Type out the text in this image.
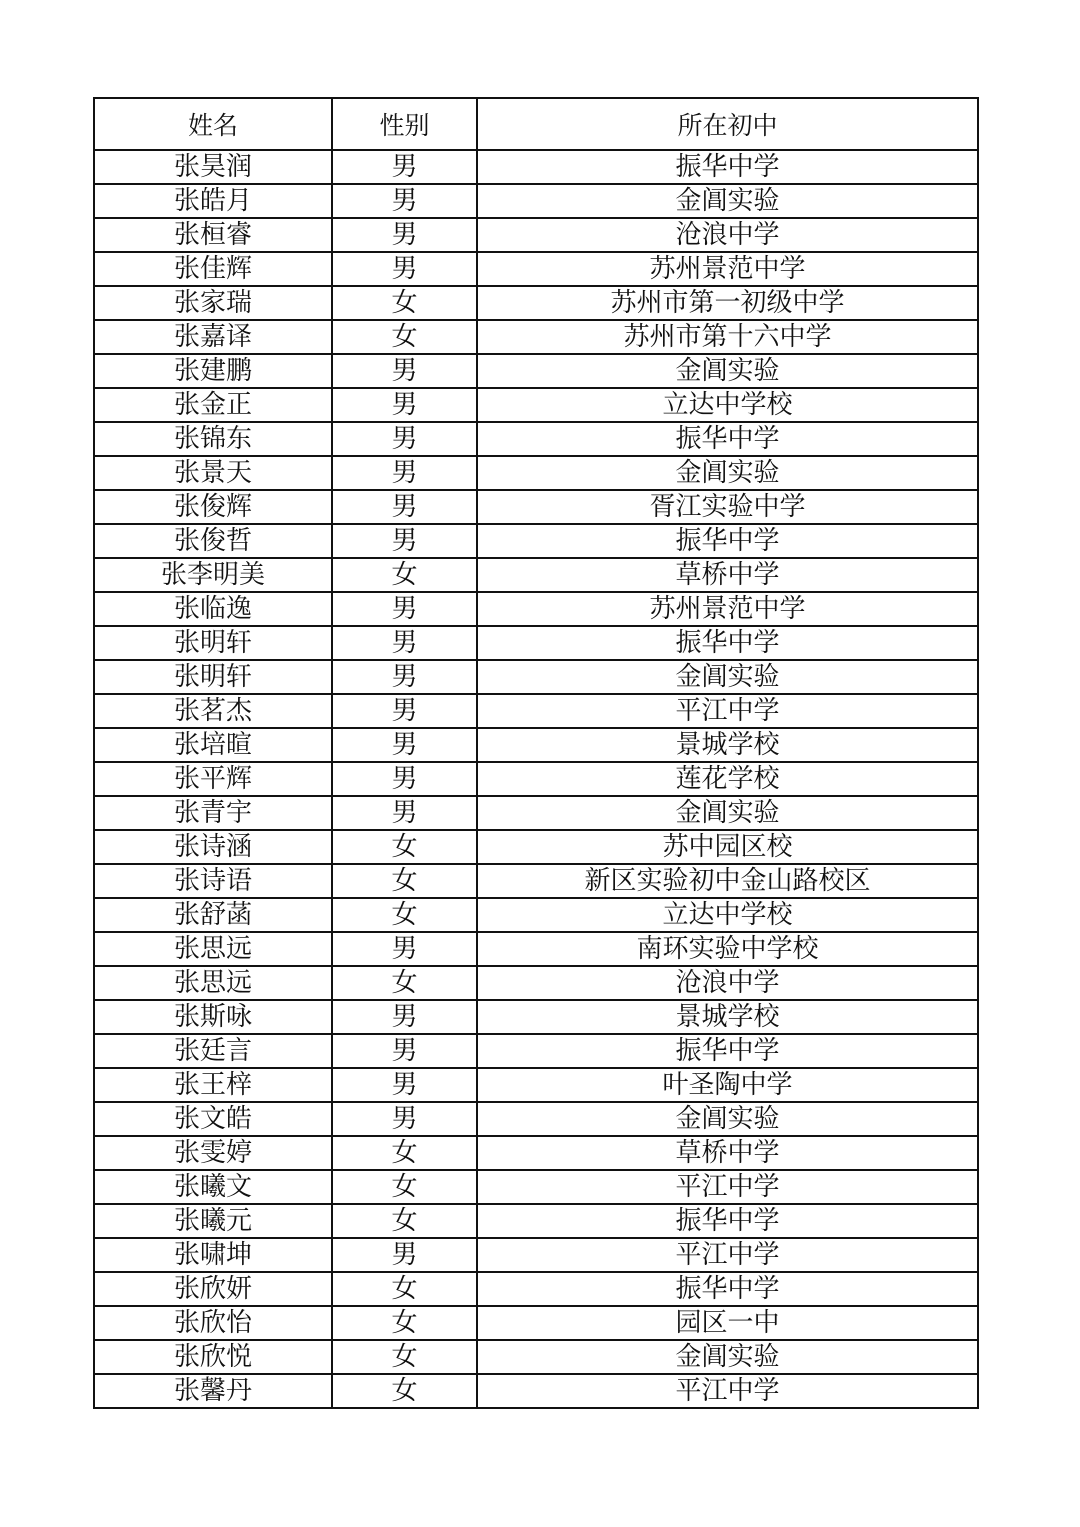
姓名	性别	所在初中
张昊润	男	振华中学
张皓月	男	金阊实验
张桓睿	男	沧浪中学
张佳辉	男	苏州景范中学
张家瑞	女	苏州市第一初级中学
张嘉译	女	苏州市第十六中学
张建鹏	男	金阊实验
张金正	男	立达中学校
张锦东	男	振华中学
张景天	男	金阊实验
张俊辉	男	胥江实验中学
张俊哲	男	振华中学
张李明美	女	草桥中学
张临逸	男	苏州景范中学
张明轩	男	振华中学
张明轩	男	金阊实验
张茗杰	男	平江中学
张培暄	男	景城学校
张平辉	男	莲花学校
张青宇	男	金阊实验
张诗涵	女	苏中园区校
张诗语	女	新区实验初中金山路校区
张舒菡	女	立达中学校
张思远	男	南环实验中学校
张思远	女	沧浪中学
张斯咏	男	景城学校
张廷言	男	振华中学
张王梓	男	叶圣陶中学
张文皓	男	金阊实验
张雯婷	女	草桥中学
张曦文	女	平江中学
张曦元	女	振华中学
张啸坤	男	平江中学
张欣妍	女	振华中学
张欣怡	女	园区一中
张欣悦	女	金阊实验
张馨丹	女	平江中学
